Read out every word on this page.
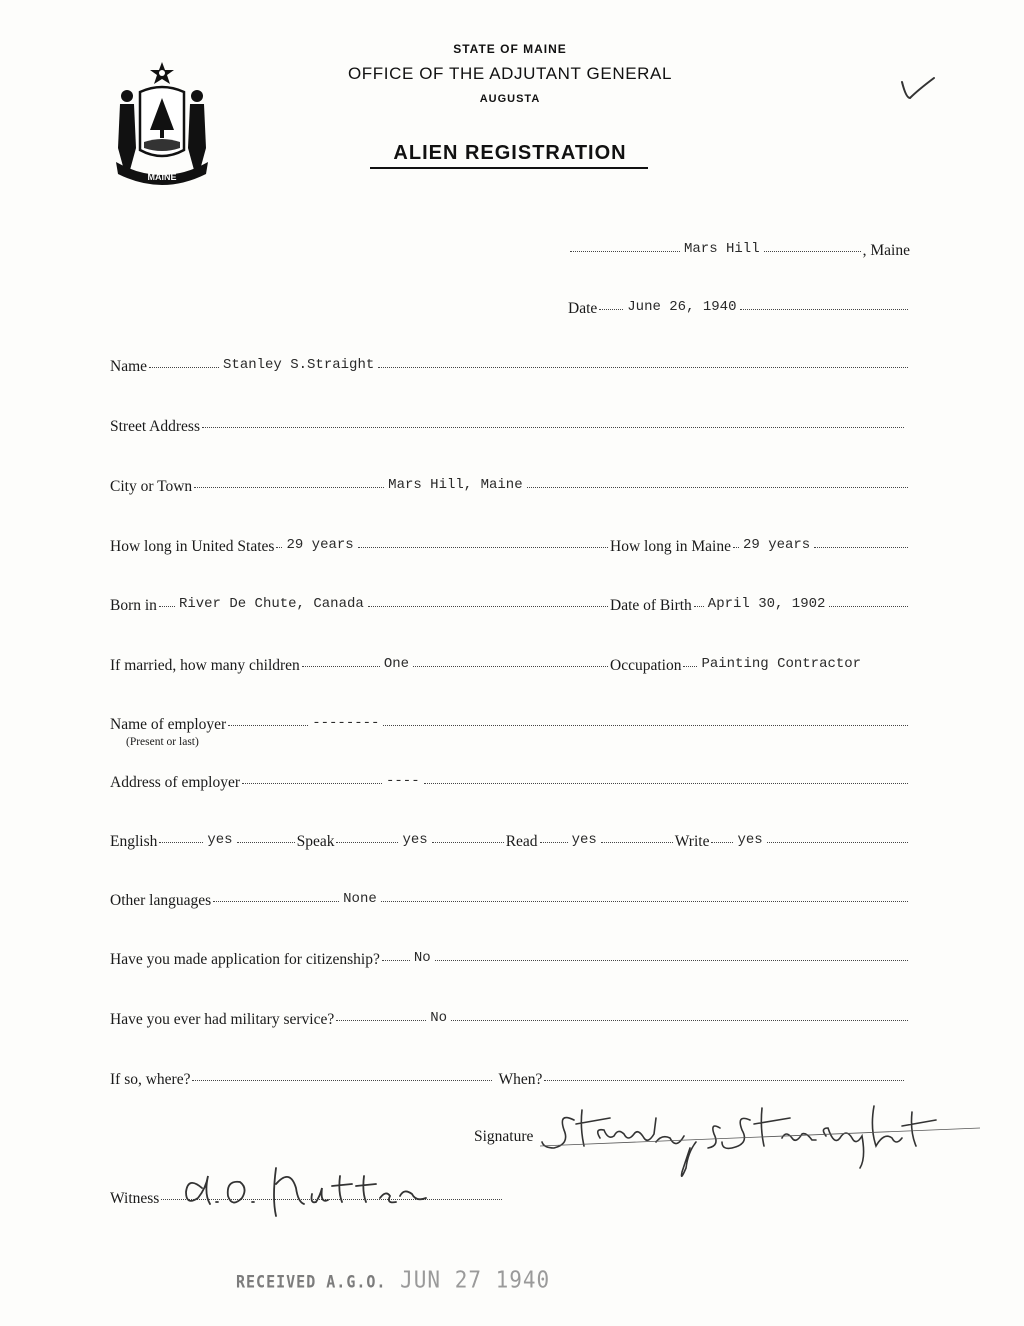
MAINE
STATE OF MAINE
OFFICE OF THE ADJUTANT GENERAL
AUGUSTA
ALIEN REGISTRATION
✓
Mars Hill	, Maine
Date June 26, 1940
Name	Stanley S.Straight
Street Address
City or Town	Mars Hill, Maine
How long in United States 29 years	How long in Maine 29 years
Born in River De Chute, Canada	Date of Birth April 30, 1902
If married, how many children	One	Occupation Painting Contractor
Name of employer	--------
(Present or last)
Address of employer	----
English	yes	Speak	yes	Read yes	Write yes
Other languages	None
Have you made application for citizenship? No
Have you ever had military service?	No
If so, where?	When?
Signature
Stanley S. Straight
Witness
A. O. Nutter
RECEIVED A.G.O. JUN 27 1940
